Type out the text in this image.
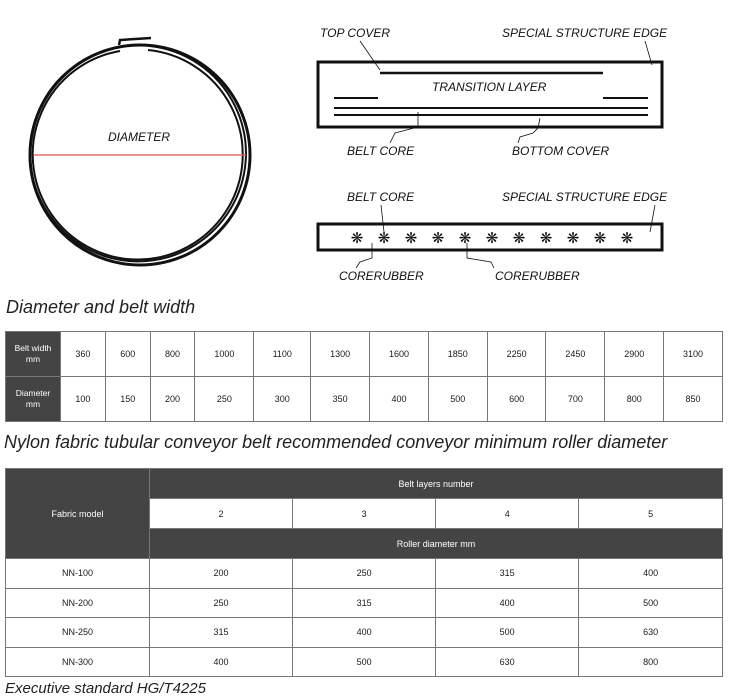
❋ ❋ ❋ ❋ ❋ ❋ ❋ ❋ ❋ ❋ ❋
DIAMETER
TOP COVER	SPECIAL STRUCTURE EDGE
TRANSITION LAYER
BELT CORE	BOTTOM COVER
BELT CORE	SPECIAL STRUCTURE EDGE
CORERUBBER	CORERUBBER
Diameter and belt width
Belt width
mm	360	600	800	1000	1100	1300	1600	1850	2250	2450	2900	3100
Diameter
mm	100	150	200	250	300	350	400	500	600	700	800	850
Nylon fabric tubular conveyor belt recommended conveyor minimum roller diameter
Fabric model	Belt layers number			
	2	3	4	5
	Roller diameter mm			
NN-100	200	250	315	400
NN-200	250	315	400	500
NN-250	315	400	500	630
NN-300	400	500	630	800
Executive standard HG/T4225
